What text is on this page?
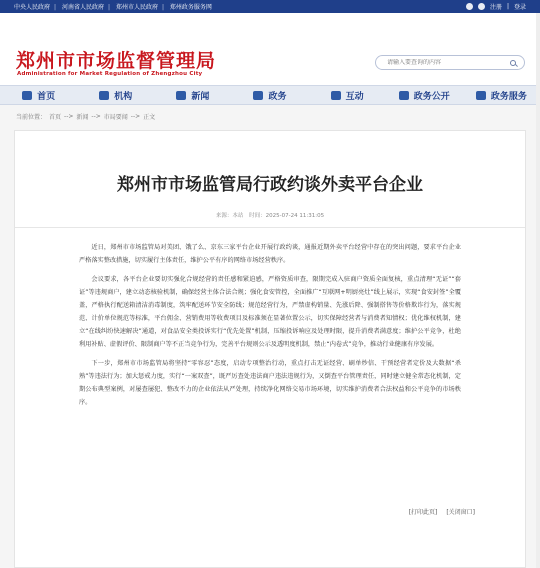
中央人民政府 | 河南省人民政府 | 郑州市人民政府 | 郑州政务服务网	注册 | 登录
郑州市市场监督管理局
Administration for Market Regulation of Zhengzhou City
请输入要查询的内容
首页	机构	新闻	政务	互动	政务公开	政务服务
当前位置： 首页 --> 新闻 --> 市局要闻 --> 正文
郑州市市场监管局行政约谈外卖平台企业
来源：本站 时间：2025-07-24 11:31:05

近日，郑州市市场监管局对美团、饿了么、京东三家平台企业开展行政约谈，通报近期外卖平台经营中存在的突出问题，要求平台企业严格落实整改措施，切实履行主体责任，维护公平有序的网络市场经营秩序。

会议要求，各平台企业要切实强化合规经营的责任感和紧迫感，严格资质审查，限期完成入驻商户资质全面复核，重点清理“无证”“套证”等违规商户，建立动态核验机制，确保经营主体合法合规；强化食安管控，全面推广“互联网+明厨亮灶”线上展示，实现“食安封签”全覆盖，严格执行配送箱清洁消毒制度，筑牢配送环节安全防线；规范经营行为，严禁虚构销量、先涨后降、强制搭售等价格欺诈行为，落实规范、计价单位规范等标准，平台佣金、营销费用等收费项目及标准须在显著位置公示，切实保障经营者与消费者知情权；优化维权机制，建立“在线纠纷快速解决”通道，对食品安全类投诉实行“优先处置”机制，压缩投诉响应及处理时限，提升消费者满意度；维护公平竞争，杜绝利用补贴、虚假评价、限制商户等不正当竞争行为，完善平台规则公示及透明度机制，禁止“内卷式”竞争，推动行业健康有序发展。

下一步，郑州市市场监管局将坚持“零容忍”态度，启动专项整治行动，重点打击无证经营、刷单炒信、干预经营者定价及大数据“杀熟”等违法行为；加大惩戒力度，实行“一案双查”，既严厉查处违法商户违法违规行为，又倒查平台管理责任，同时建立健全常态化机制，定期公布典型案例，对屡查屡犯、整改不力的企业依法从严处理，持续净化网络交易市场环境，切实维护消费者合法权益和公平竞争的市场秩序。

[打印此页] [关闭窗口]
